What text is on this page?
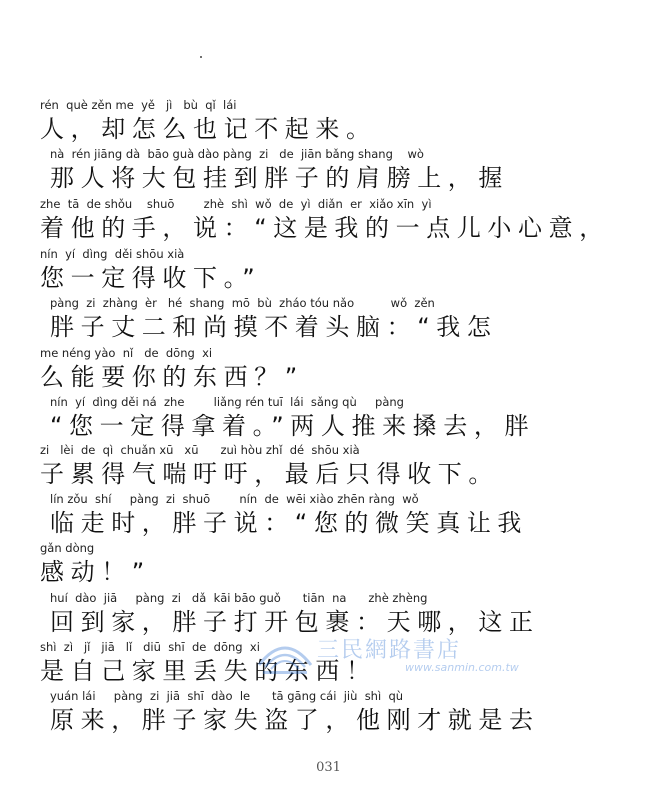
rén  què zěn me  yě   jì   bù  qǐ  lái
人，却怎么也记不起来。
nà  rén jiāng dà  bāo guà dào pàng  zi   de  jiān bǎng shang    wò
那人将大包挂到胖子的肩膀上，握
zhe  tā  de shǒu    shuō        zhè  shì  wǒ  de  yì  diǎn  er  xiǎo xīn  yì
着他的手，说：“这是我的一点儿小心意，
nín  yí  dìng  děi shōu xià
您一定得收下。”
pàng  zi  zhàng  èr   hé  shang  mō  bù  zháo tóu nǎo          wǒ  zěn
胖子丈二和尚摸不着头脑：“我怎
me néng yào  nǐ   de  dōng  xi
么能要你的东西？”
nín  yí  dìng děi ná  zhe        liǎng rén tuī  lái  sǎng qù     pàng
“您一定得拿着。”两人推来搡去，胖
zi   lèi  de  qì  chuǎn xū   xū      zuì hòu zhǐ  dé  shōu xià
子累得气喘吁吁，最后只得收下。
lín zǒu  shí     pàng  zi  shuō        nín  de  wēi xiào zhēn ràng  wǒ
临走时，胖子说：“您的微笑真让我
gǎn dòng
感动！”
huí  dào  jiā     pàng  zi   dǎ  kāi bāo guǒ      tiān  na      zhè zhèng
回到家，胖子打开包裹：天哪，这正
shì  zì   jǐ   jiā   lǐ   diū  shī  de  dōng  xi
是自己家里丢失的东西！
yuán lái     pàng  zi  jiā  shī  dào  le      tā gāng cái  jiù  shì  qù
原来，胖子家失盗了，他刚才就是去
三民網路書店
www.sanmin.com.tw
031
